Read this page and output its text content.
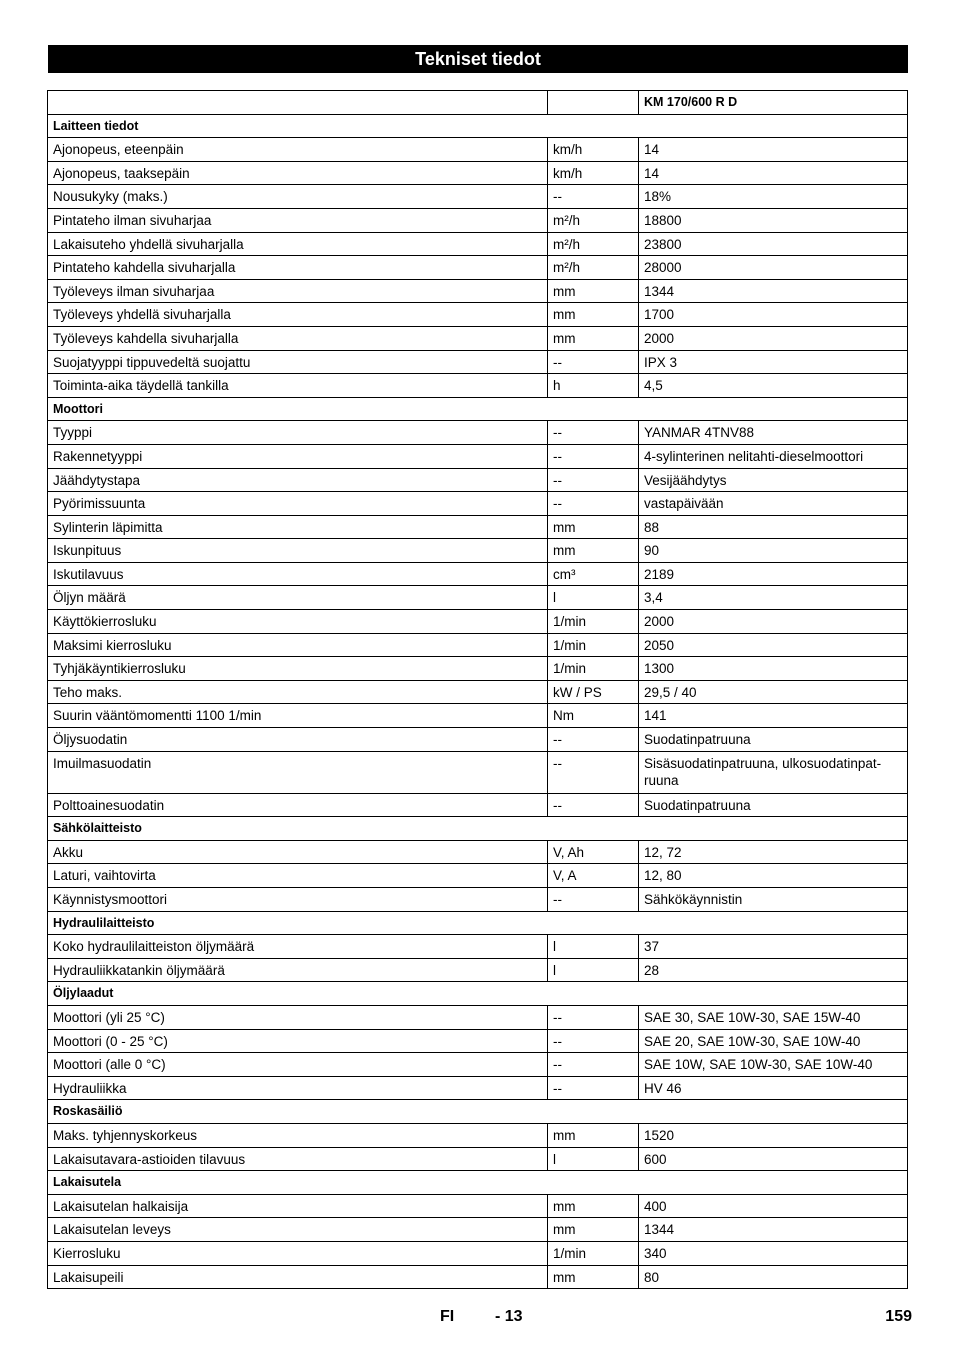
Tekniset tiedot
		KM 170/600 R D
Laitteen tiedot		
Ajonopeus, eteenpäin	km/h	14
Ajonopeus, taaksepäin	km/h	14
Nousukyky (maks.)	--	18%
Pintateho ilman sivuharjaa	m²/h	18800
Lakaisuteho yhdellä sivuharjalla	m²/h	23800
Pintateho kahdella sivuharjalla	m²/h	28000
Työleveys ilman sivuharjaa	mm	1344
Työleveys yhdellä sivuharjalla	mm	1700
Työleveys kahdella sivuharjalla	mm	2000
Suojatyyppi tippuvedeltä suojattu	--	IPX 3
Toiminta-aika täydellä tankilla	h	4,5
Moottori		
Tyyppi	--	YANMAR 4TNV88
Rakennetyyppi	--	4-sylinterinen nelitahti-dieselmoottori
Jäähdytystapa	--	Vesijäähdytys
Pyörimissuunta	--	vastapäivään
Sylinterin läpimitta	mm	88
Iskunpituus	mm	90
Iskutilavuus	cm³	2189
Öljyn määrä	l	3,4
Käyttökierrosluku	1/min	2000
Maksimi kierrosluku	1/min	2050
Tyhjäkäyntikierrosluku	1/min	1300
Teho maks.	kW / PS	29,5 / 40
Suurin vääntömomentti 1100 1/min	Nm	141
Öljysuodatin	--	Suodatinpatruuna
Imuilmasuodatin	--	Sisäsuodatinpatruuna, ulkosuodatinpat-ruuna
Polttoainesuodatin	--	Suodatinpatruuna
Sähkölaitteisto		
Akku	V, Ah	12, 72
Laturi, vaihtovirta	V, A	12, 80
Käynnistysmoottori	--	Sähkökäynnistin
Hydraulilaitteisto		
Koko hydraulilaitteiston öljymäärä	l	37
Hydrauliikkatankin öljymäärä	l	28
Öljylaadut		
Moottori (yli 25 °C)	--	SAE 30, SAE 10W-30, SAE 15W-40
Moottori (0 - 25 °C)	--	SAE 20, SAE 10W-30, SAE 10W-40
Moottori (alle 0 °C)	--	SAE 10W, SAE 10W-30, SAE 10W-40
Hydrauliikka	--	HV 46
Roskasäiliö		
Maks. tyhjennyskorkeus	mm	1520
Lakaisutavara-astioiden tilavuus	l	600
Lakaisutela		
Lakaisutelan halkaisija	mm	400
Lakaisutelan leveys	mm	1344
Kierrosluku	1/min	340
Lakaisupeili	mm	80
FI	- 13	159
